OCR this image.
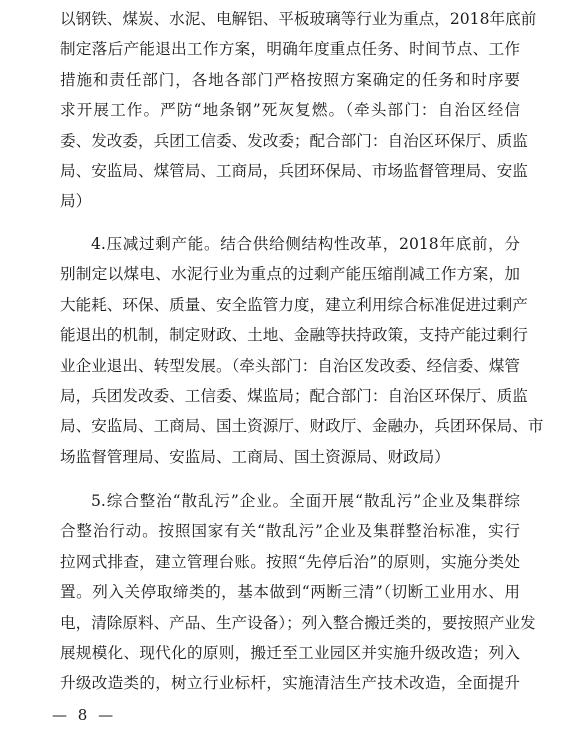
以钢铁、煤炭、水泥、电解铝、平板玻璃等行业为重点，2018年底前
制定落后产能退出工作方案，明确年度重点任务、时间节点、工作
措施和责任部门，各地各部门严格按照方案确定的任务和时序要
求开展工作。严防“地条钢”死灰复燃。（牵头部门：自治区经信
委、发改委，兵团工信委、发改委；配合部门：自治区环保厅、质监
局、安监局、煤管局、工商局，兵团环保局、市场监督管理局、安监
局）
4.压减过剩产能。结合供给侧结构性改革，2018年底前，分
别制定以煤电、水泥行业为重点的过剩产能压缩削减工作方案，加
大能耗、环保、质量、安全监管力度，建立利用综合标准促进过剩产
能退出的机制，制定财政、土地、金融等扶持政策，支持产能过剩行
业企业退出、转型发展。（牵头部门：自治区发改委、经信委、煤管
局，兵团发改委、工信委、煤监局；配合部门：自治区环保厅、质监
局、安监局、工商局、国土资源厅、财政厅、金融办，兵团环保局、市
场监督管理局、安监局、工商局、国土资源局、财政局）
5.综合整治“散乱污”企业。全面开展“散乱污”企业及集群综
合整治行动。按照国家有关“散乱污”企业及集群整治标准，实行
拉网式排查，建立管理台账。按照“先停后治”的原则，实施分类处
置。列入关停取缔类的，基本做到“两断三清”（切断工业用水、用
电，清除原料、产品、生产设备）；列入整合搬迁类的，要按照产业发
展规模化、现代化的原则，搬迁至工业园区并实施升级改造；列入
升级改造类的，树立行业标杆，实施清洁生产技术改造，全面提升
— 8 —
